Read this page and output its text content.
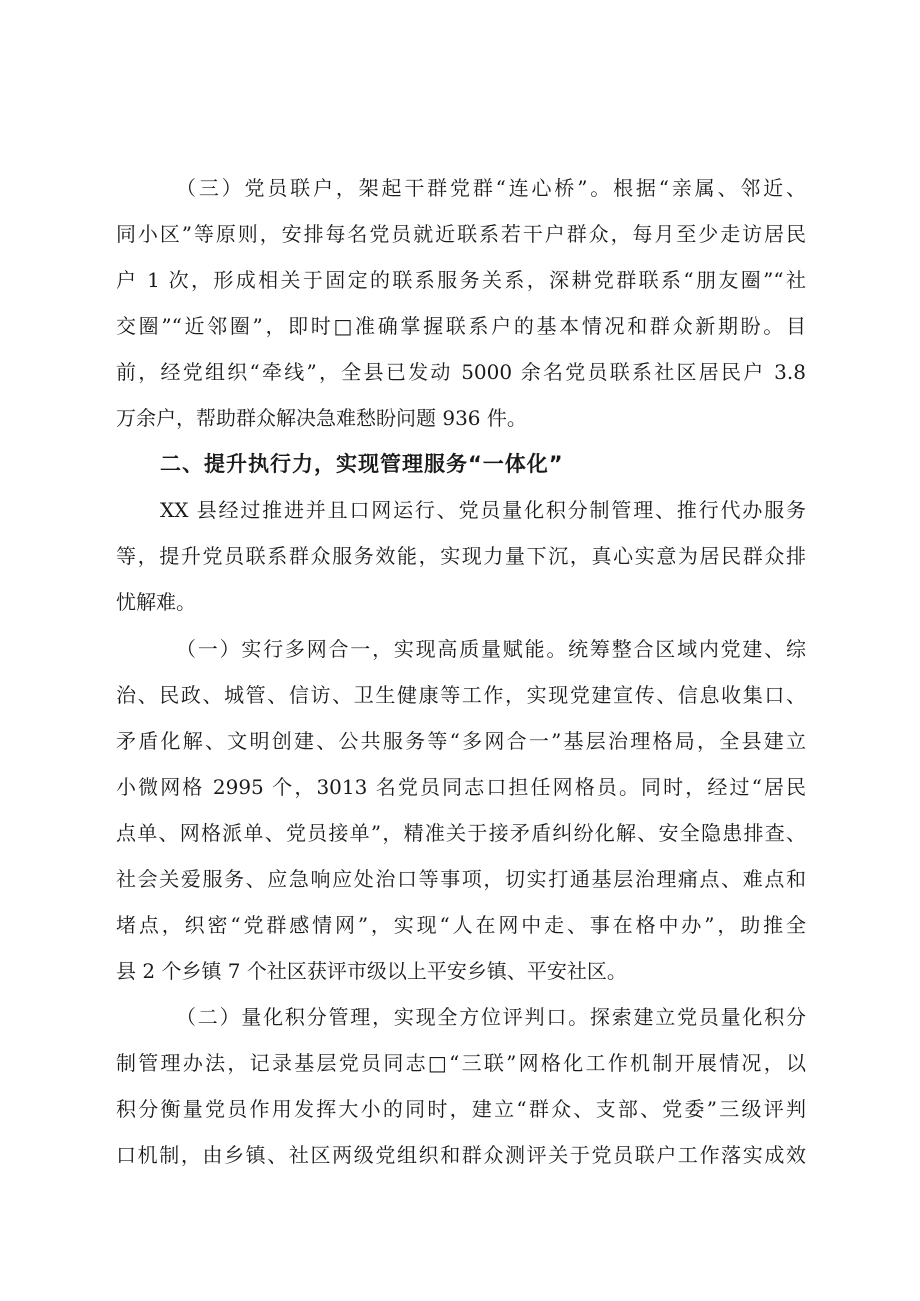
（三）党员联户，架起干群党群“连心桥”。根据“亲属、邻近、
同小区”等原则，安排每名党员就近联系若干户群众，每月至少走访居民
户 1 次，形成相关于固定的联系服务关系，深耕党群联系“朋友圈”“社
交圈”“近邻圈”，即时□准确掌握联系户的基本情况和群众新期盼。目
前，经党组织“牵线”，全县已发动 5000 余名党员联系社区居民户 3.8
万余户，帮助群众解决急难愁盼问题 936 件。
二、提升执行力，实现管理服务“一体化”
XX 县经过推进并且口网运行、党员量化积分制管理、推行代办服务
等，提升党员联系群众服务效能，实现力量下沉，真心实意为居民群众排
忧解难。
（一）实行多网合一，实现高质量赋能。统筹整合区域内党建、综
治、民政、城管、信访、卫生健康等工作，实现党建宣传、信息收集口、
矛盾化解、文明创建、公共服务等“多网合一”基层治理格局，全县建立
小微网格 2995 个，3013 名党员同志口担任网格员。同时，经过“居民
点单、网格派单、党员接单”，精准关于接矛盾纠纷化解、安全隐患排查、
社会关爱服务、应急响应处治口等事项，切实打通基层治理痛点、难点和
堵点，织密“党群感情网”，实现“人在网中走、事在格中办”，助推全
县 2 个乡镇 7 个社区获评市级以上平安乡镇、平安社区。
（二）量化积分管理，实现全方位评判口。探索建立党员量化积分
制管理办法，记录基层党员同志□“三联”网格化工作机制开展情况，以
积分衡量党员作用发挥大小的同时，建立“群众、支部、党委”三级评判
口机制，由乡镇、社区两级党组织和群众测评关于党员联户工作落实成效
